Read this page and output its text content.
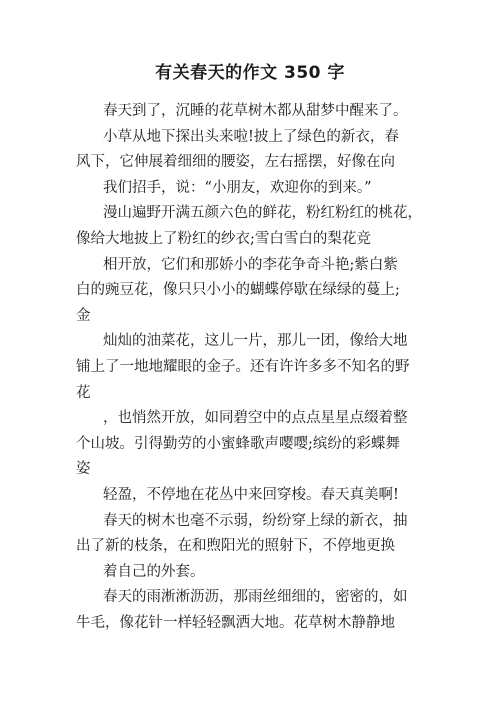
有关春天的作文 350 字
春天到了，沉睡的花草树木都从甜梦中醒来了。
小草从地下探出头来啦!披上了绿色的新衣，春
风下，它伸展着细细的腰姿，左右摇摆，好像在向
我们招手，说：“小朋友，欢迎你的到来。”
漫山遍野开满五颜六色的鲜花，粉红粉红的桃花，
像给大地披上了粉红的纱衣;雪白雪白的梨花竞
相开放，它们和那娇小的李花争奇斗艳;紫白紫
白的豌豆花，像只只小小的蝴蝶停歇在绿绿的蔓上;
金
灿灿的油菜花，这儿一片，那儿一团，像给大地
铺上了一地地耀眼的金子。还有许许多多不知名的野
花
，也悄然开放，如同碧空中的点点星星点缀着整
个山坡。引得勤劳的小蜜蜂歌声嘤嘤;缤纷的彩蝶舞
姿
轻盈，不停地在花丛中来回穿梭。春天真美啊!
春天的树木也毫不示弱，纷纷穿上绿的新衣，抽
出了新的枝条，在和煦阳光的照射下，不停地更换
着自己的外套。
春天的雨淅淅沥沥，那雨丝细细的，密密的，如
牛毛，像花针一样轻轻飘洒大地。花草树木静静地
